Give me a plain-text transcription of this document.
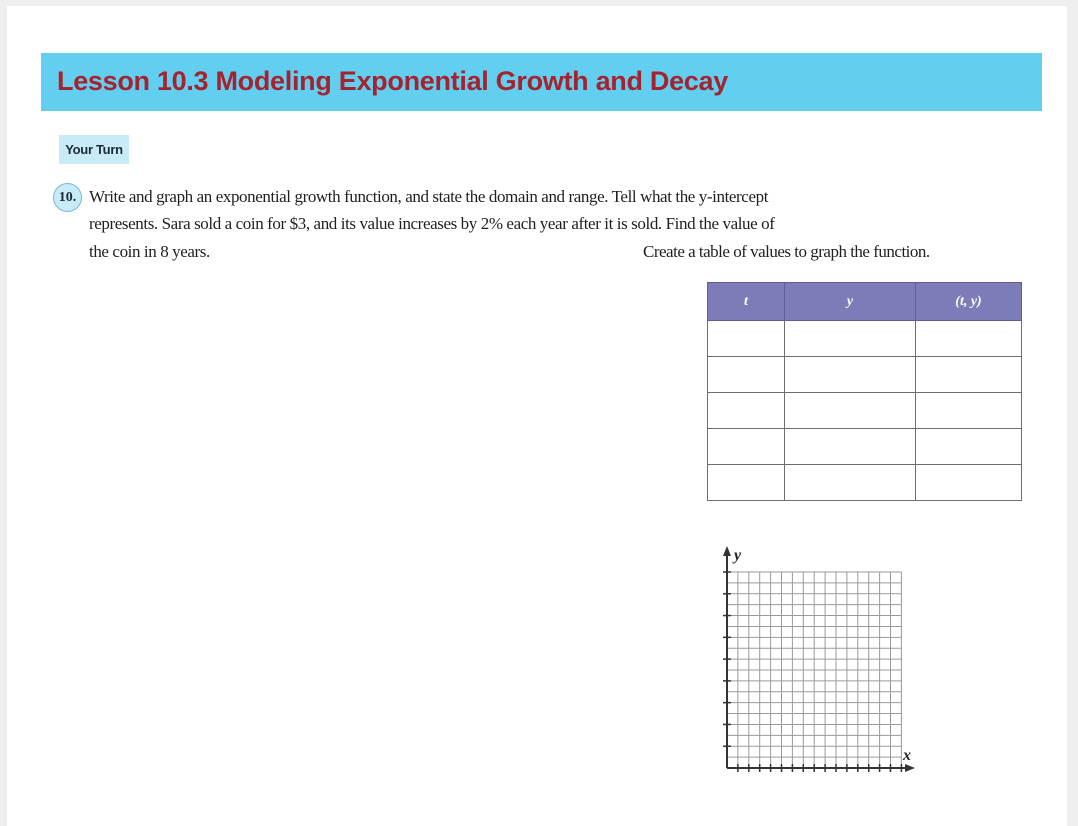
Lesson 10.3 Modeling Exponential Growth and Decay
Your Turn
10. Write and graph an exponential growth function, and state the domain and range. Tell what the y-intercept
represents. Sara sold a coin for $3, and its value increases by 2% each year after it is sold. Find the value of
the coin in 8 years.	Create a table of values to graph the function.
t	y	(t, y)

y
x
